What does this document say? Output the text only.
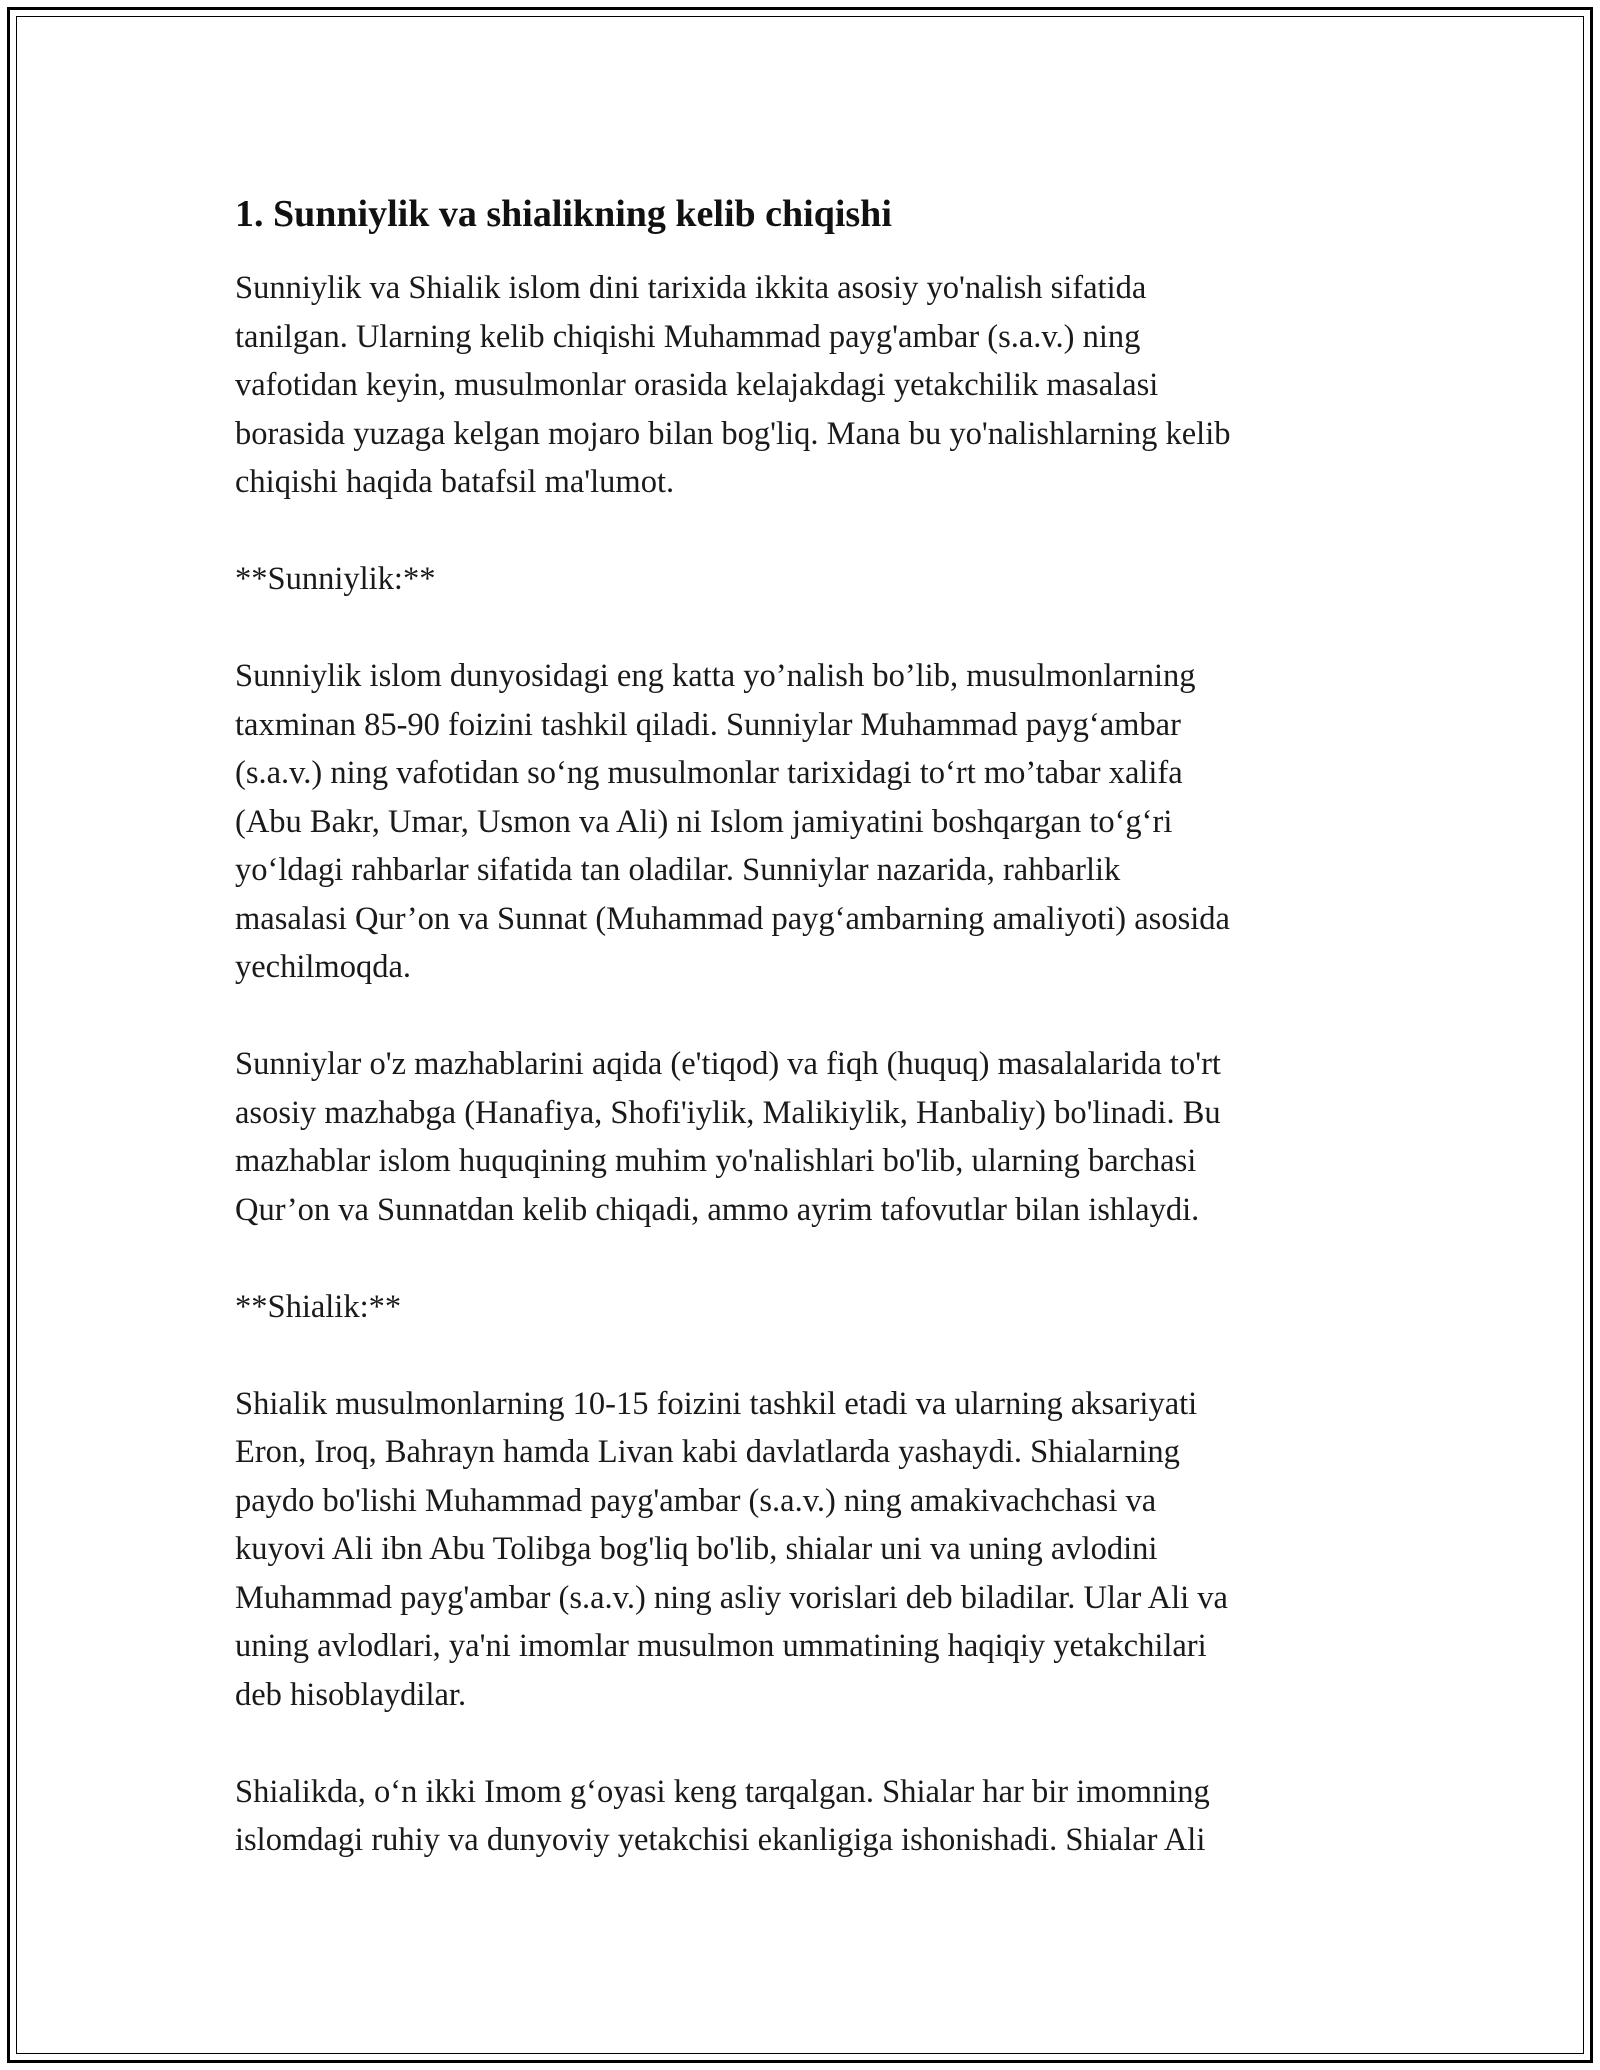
1. Sunniylik va shialikning kelib chiqishi

Sunniylik va Shialik islom dini tarixida ikkita asosiy yo'nalish sifatida
tanilgan. Ularning kelib chiqishi Muhammad payg'ambar (s.a.v.) ning
vafotidan keyin, musulmonlar orasida kelajakdagi yetakchilik masalasi
borasida yuzaga kelgan mojaro bilan bog'liq. Mana bu yo'nalishlarning kelib
chiqishi haqida batafsil ma'lumot.

**Sunniylik:**

Sunniylik islom dunyosidagi eng katta yo’nalish bo’lib, musulmonlarning
taxminan 85-90 foizini tashkil qiladi. Sunniylar Muhammad payg‘ambar
(s.a.v.) ning vafotidan so‘ng musulmonlar tarixidagi to‘rt mo’tabar xalifa
(Abu Bakr, Umar, Usmon va Ali) ni Islom jamiyatini boshqargan to‘g‘ri
yo‘ldagi rahbarlar sifatida tan oladilar. Sunniylar nazarida, rahbarlik
masalasi Qur’on va Sunnat (Muhammad payg‘ambarning amaliyoti) asosida
yechilmoqda.

Sunniylar o'z mazhablarini aqida (e'tiqod) va fiqh (huquq) masalalarida to'rt
asosiy mazhabga (Hanafiya, Shofi'iylik, Malikiylik, Hanbaliy) bo'linadi. Bu
mazhablar islom huquqining muhim yo'nalishlari bo'lib, ularning barchasi
Qur’on va Sunnatdan kelib chiqadi, ammo ayrim tafovutlar bilan ishlaydi.

**Shialik:**

Shialik musulmonlarning 10-15 foizini tashkil etadi va ularning aksariyati
Eron, Iroq, Bahrayn hamda Livan kabi davlatlarda yashaydi. Shialarning
paydo bo'lishi Muhammad payg'ambar (s.a.v.) ning amakivachchasi va
kuyovi Ali ibn Abu Tolibga bog'liq bo'lib, shialar uni va uning avlodini
Muhammad payg'ambar (s.a.v.) ning asliy vorislari deb biladilar. Ular Ali va
uning avlodlari, ya'ni imomlar musulmon ummatining haqiqiy yetakchilari
deb hisoblaydilar.

Shialikda, o‘n ikki Imom g‘oyasi keng tarqalgan. Shialar har bir imomning
islomdagi ruhiy va dunyoviy yetakchisi ekanligiga ishonishadi. Shialar Ali
